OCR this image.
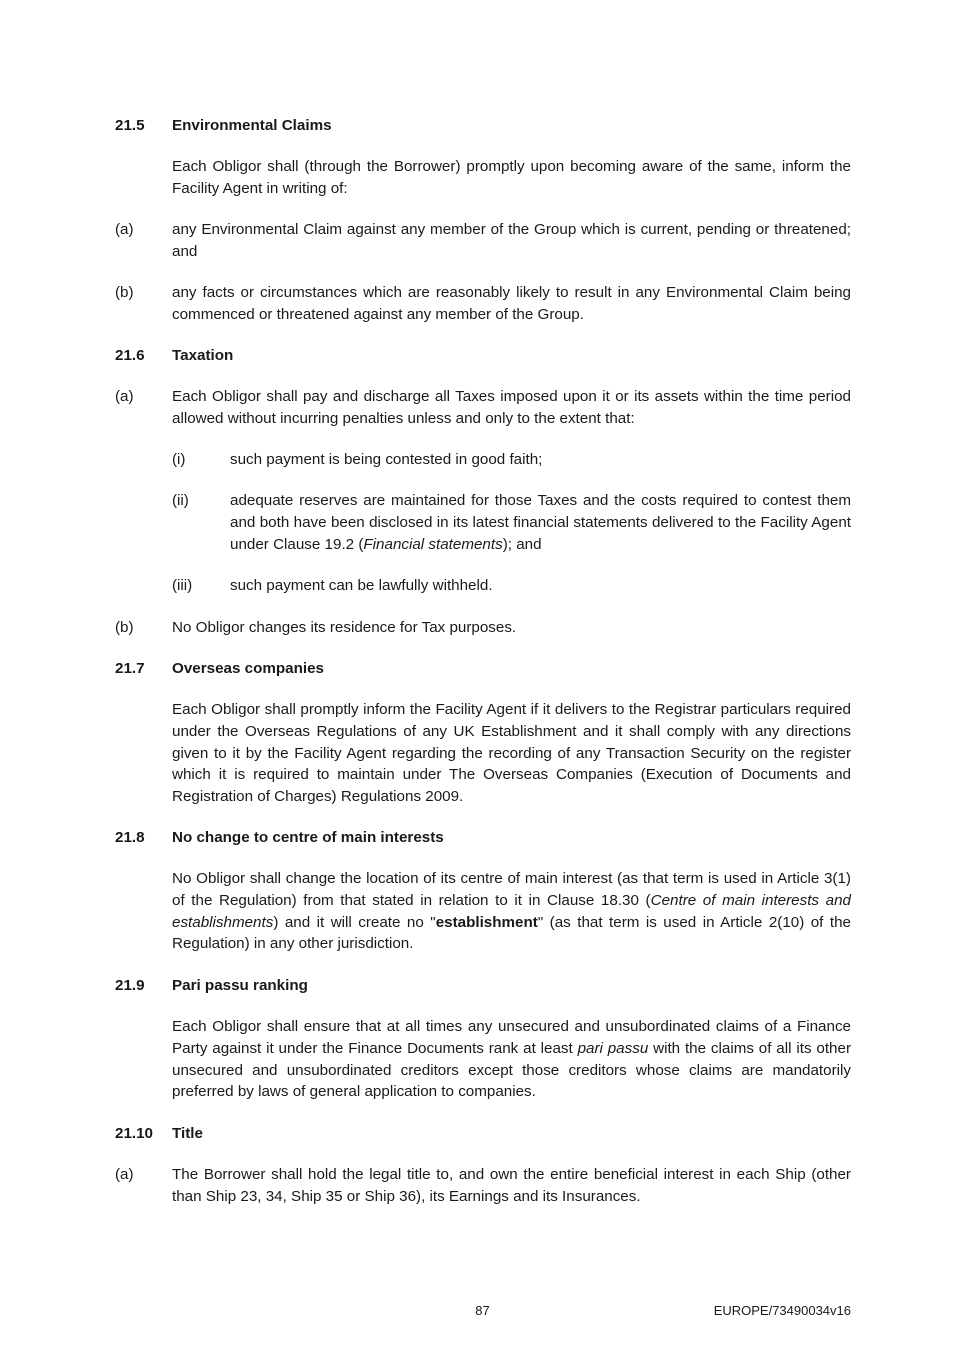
21.5 Environmental Claims
Each Obligor shall (through the Borrower) promptly upon becoming aware of the same, inform the Facility Agent in writing of:
(a)	any Environmental Claim against any member of the Group which is current, pending or threatened; and
(b)	any facts or circumstances which are reasonably likely to result in any Environmental Claim being commenced or threatened against any member of the Group.
21.6 Taxation
(a)	Each Obligor shall pay and discharge all Taxes imposed upon it or its assets within the time period allowed without incurring penalties unless and only to the extent that:
(i)	such payment is being contested in good faith;
(ii)	adequate reserves are maintained for those Taxes and the costs required to contest them and both have been disclosed in its latest financial statements delivered to the Facility Agent under Clause 19.2 (Financial statements); and
(iii) such payment can be lawfully withheld.
(b)	No Obligor changes its residence for Tax purposes.
21.7 Overseas companies
Each Obligor shall promptly inform the Facility Agent if it delivers to the Registrar particulars required under the Overseas Regulations of any UK Establishment and it shall comply with any directions given to it by the Facility Agent regarding the recording of any Transaction Security on the register which it is required to maintain under The Overseas Companies (Execution of Documents and Registration of Charges) Regulations 2009.
21.8 No change to centre of main interests
No Obligor shall change the location of its centre of main interest (as that term is used in Article 3(1) of the Regulation) from that stated in relation to it in Clause 18.30 (Centre of main interests and establishments) and it will create no "establishment" (as that term is used in Article 2(10) of the Regulation) in any other jurisdiction.
21.9 Pari passu ranking
Each Obligor shall ensure that at all times any unsecured and unsubordinated claims of a Finance Party against it under the Finance Documents rank at least pari passu with the claims of all its other unsecured and unsubordinated creditors except those creditors whose claims are mandatorily preferred by laws of general application to companies.
21.10 Title
(a)	The Borrower shall hold the legal title to, and own the entire beneficial interest in each Ship (other than Ship 23, 34, Ship 35 or Ship 36), its Earnings and its Insurances.
87	EUROPE/73490034v16
